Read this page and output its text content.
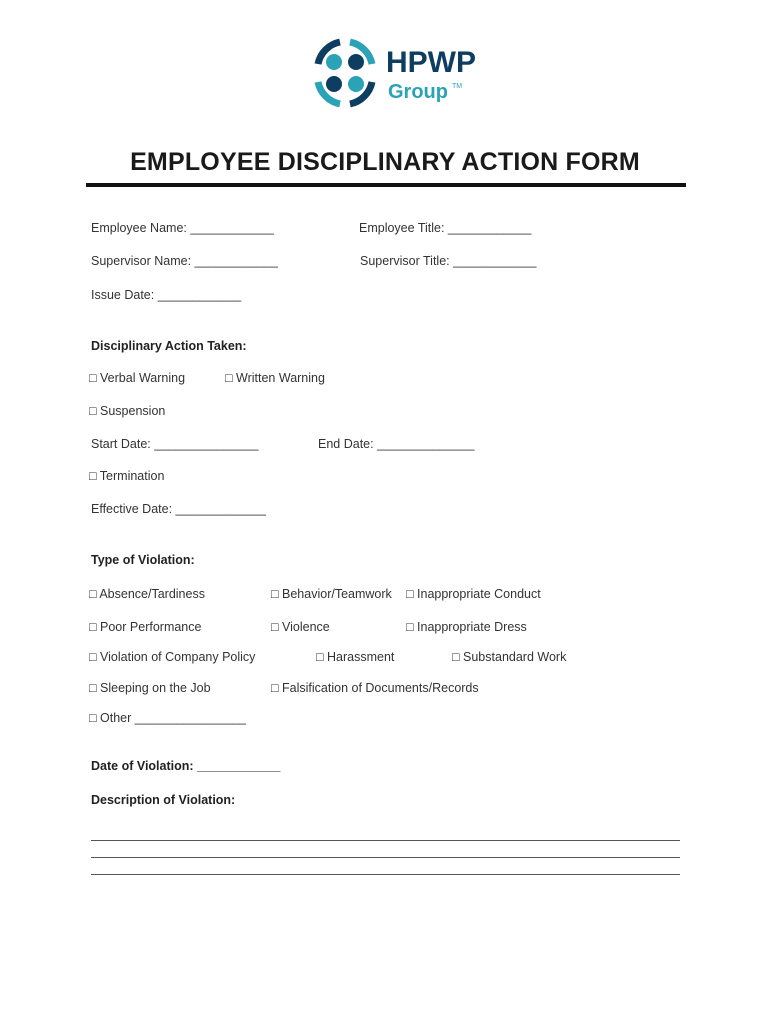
HPWP
Group TM
EMPLOYEE DISCIPLINARY ACTION FORM
Employee Name: ____________	Employee Title: ____________
Supervisor Name: ____________	Supervisor Title: ____________
Issue Date: ____________
Disciplinary Action Taken:
□ Verbal Warning	□ Written Warning
□ Suspension
Start Date: _______________	End Date: ______________
□ Termination
Effective Date: _____________
Type of Violation:
□ Absence/Tardiness	□ Behavior/Teamwork □ Inappropriate Conduct
□ Poor Performance	□ Violence	□ Inappropriate Dress
□ Violation of Company Policy	□ Harassment	□ Substandard Work
□ Sleeping on the Job	□ Falsification of Documents/Records
□ Other ________________
Date of Violation: ____________
Description of Violation:
